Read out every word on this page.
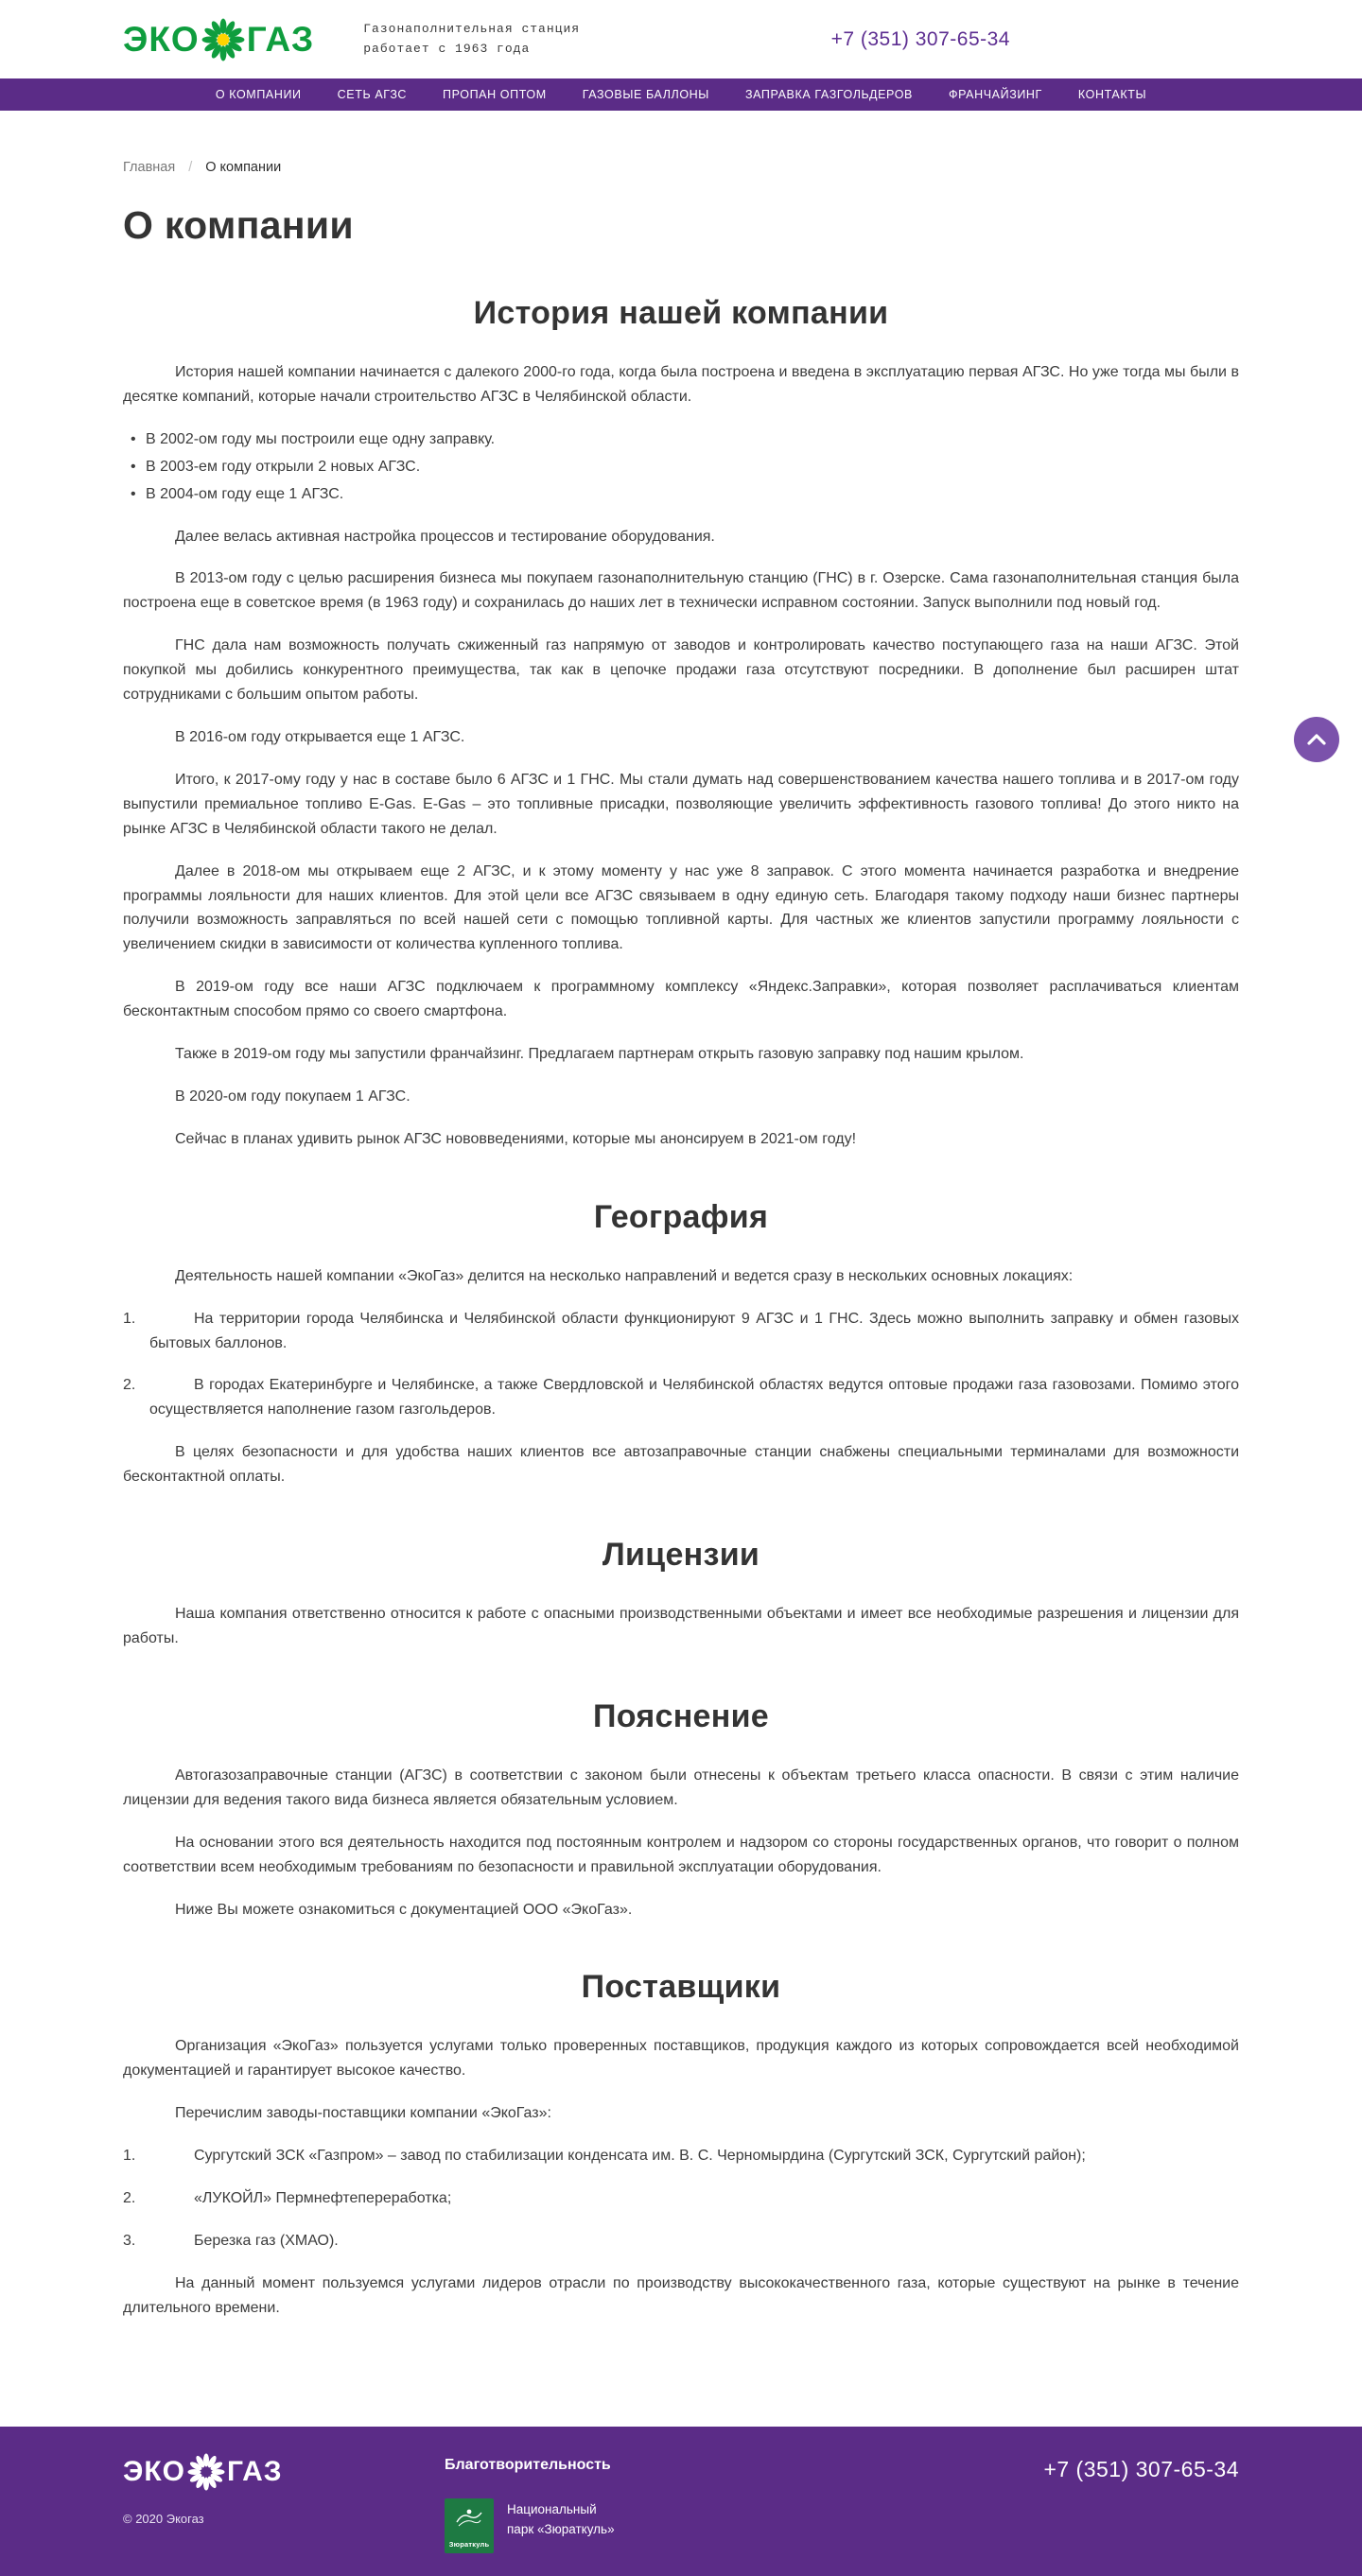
ЭКО ГАЗ	Газонаполнительная станция
работает с 1963 года	+7 (351) 307-65-34
О КОМПАНИИ	СЕТЬ АГЗС	ПРОПАН ОПТОМ	ГАЗОВЫЕ БАЛЛОНЫ	ЗАПРАВКА ГАЗГОЛЬДЕРОВ	ФРАНЧАЙЗИНГ	КОНТАКТЫ
Главная / О компании
О компании
История нашей компании

История нашей компании начинается с далекого 2000-го года, когда была построена и введена в эксплуатацию первая АГЗС. Но уже тогда мы были в десятке компаний, которые начали строительство АГЗС в Челябинской области.

• В 2002-ом году мы построили еще одну заправку.
• В 2003-ем году открыли 2 новых АГЗС.
• В 2004-ом году еще 1 АГЗС.

Далее велась активная настройка процессов и тестирование оборудования.

В 2013-ом году с целью расширения бизнеса мы покупаем газонаполнительную станцию (ГНС) в г. Озерске. Сама газонаполнительная станция была построена еще в советское время (в 1963 году) и сохранилась до наших лет в технически исправном состоянии. Запуск выполнили под новый год.

ГНС дала нам возможность получать сжиженный газ напрямую от заводов и контролировать качество поступающего газа на наши АГЗС. Этой покупкой мы добились конкурентного преимущества, так как в цепочке продажи газа отсутствуют посредники. В дополнение был расширен штат сотрудниками с большим опытом работы.

В 2016-ом году открывается еще 1 АГЗС.

Итого, к 2017-ому году у нас в составе было 6 АГЗС и 1 ГНС. Мы стали думать над совершенствованием качества нашего топлива и в 2017-ом году выпустили премиальное топливо E-Gas. E-Gas – это топливные присадки, позволяющие увеличить эффективность газового топлива! До этого никто на рынке АГЗС в Челябинской области такого не делал.

Далее в 2018-ом мы открываем еще 2 АГЗС, и к этому моменту у нас уже 8 заправок. С этого момента начинается разработка и внедрение программы лояльности для наших клиентов. Для этой цели все АГЗС связываем в одну единую сеть. Благодаря такому подходу наши бизнес партнеры получили возможность заправляться по всей нашей сети с помощью топливной карты. Для частных же клиентов запустили программу лояльности с увеличением скидки в зависимости от количества купленного топлива.

В 2019-ом году все наши АГЗС подключаем к программному комплексу «Яндекс.Заправки», которая позволяет расплачиваться клиентам бесконтактным способом прямо со своего смартфона.

Также в 2019-ом году мы запустили франчайзинг. Предлагаем партнерам открыть газовую заправку под нашим крылом.

В 2020-ом году покупаем 1 АГЗС.

Сейчас в планах удивить рынок АГЗС нововведениями, которые мы анонсируем в 2021-ом году!

География

Деятельность нашей компании «ЭкоГаз» делится на несколько направлений и ведется сразу в нескольких основных локациях:

На территории города Челябинска и Челябинской области функционируют 9 АГЗС и 1 ГНС. Здесь можно выполнить заправку и обмен газовых бытовых баллонов.
В городах Екатеринбурге и Челябинске, а также Свердловской и Челябинской областях ведутся оптовые продажи газа газовозами. Помимо этого осуществляется наполнение газом газгольдеров.

В целях безопасности и для удобства наших клиентов все автозаправочные станции снабжены специальными терминалами для возможности бесконтактной оплаты.

Лицензии

Наша компания ответственно относится к работе с опасными производственными объектами и имеет все необходимые разрешения и лицензии для работы.

Пояснение

Автогазозаправочные станции (АГЗС) в соответствии с законом были отнесены к объектам третьего класса опасности. В связи с этим наличие лицензии для ведения такого вида бизнеса является обязательным условием.

На основании этого вся деятельность находится под постоянным контролем и надзором со стороны государственных органов, что говорит о полном соответствии всем необходимым требованиям по безопасности и правильной эксплуатации оборудования.

Ниже Вы можете ознакомиться с документацией ООО «ЭкоГаз».

Поставщики

Организация «ЭкоГаз» пользуется услугами только проверенных поставщиков, продукция каждого из которых сопровождается всей необходимой документацией и гарантирует высокое качество.

Перечислим заводы-поставщики компании «ЭкоГаз»:

Сургутский ЗСК «Газпром» – завод по стабилизации конденсата им. В. С. Черномырдина (Сургутский ЗСК, Сургутский район);
«ЛУКОЙЛ» Пермнефтепереработка;
Березка газ (ХМАО).

На данный момент пользуемся услугами лидеров отрасли по производству высококачественного газа, которые существуют на рынке в течение длительного времени.

ЭКО ГАЗ
© 2020 Экогаз
Благотворительность
Зюраткуль
Национальный
парк «Зюраткуль»
+7 (351) 307-65-34
